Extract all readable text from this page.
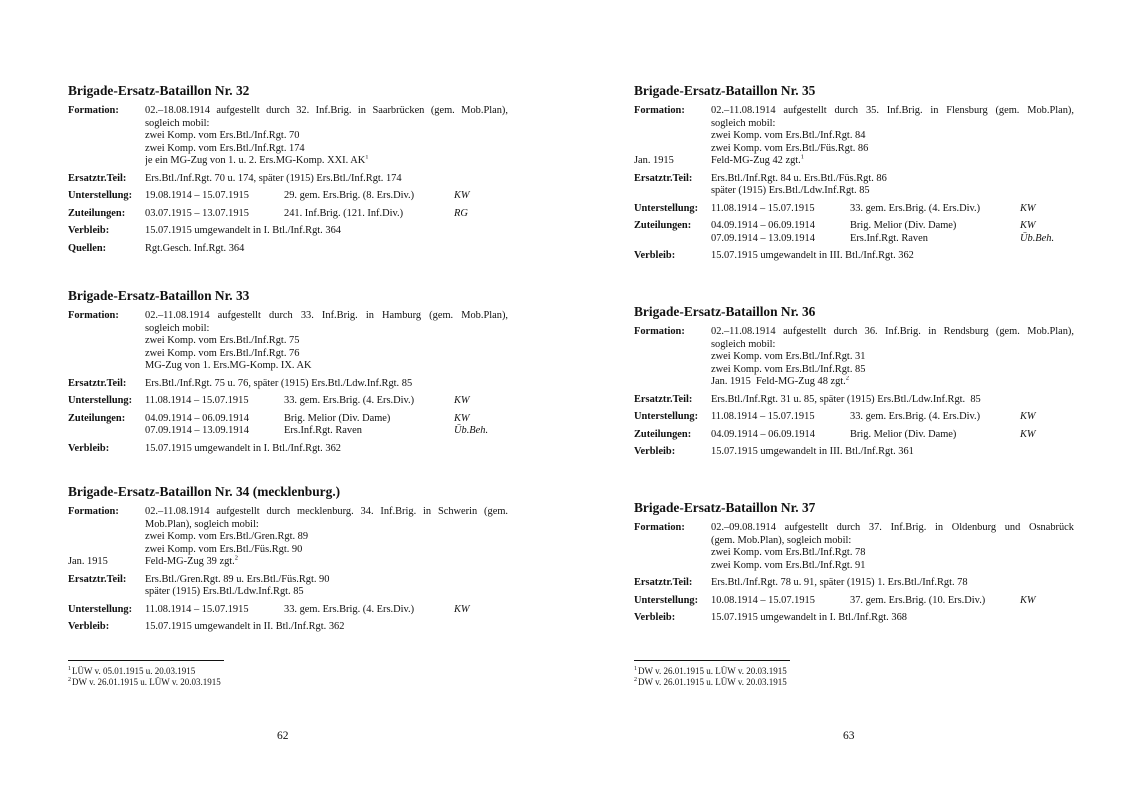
Brigade-Ersatz-Bataillon Nr. 32
Formation:	02.–18.08.1914 aufgestellt durch 32. Inf.Brig. in Saarbrücken (gem. Mob.Plan),
sogleich mobil:
zwei Komp. vom Ers.Btl./Inf.Rgt. 70
zwei Komp. vom Ers.Btl./Inf.Rgt. 174
je ein MG-Zug von 1. u. 2. Ers.MG-Komp. XXI. $AK^1$
Ersatztr.Teil:	Ers.Btl./Inf.Rgt. 70 u. 174, später (1915) Ers.Btl./Inf.Rgt. 174
Unterstellung:	19.08.1914 – 15.07.1915	29. gem. Ers.Brig. (8. Ers.Div.)	KW
Zuteilungen:	03.07.1915 – 13.07.1915	241. Inf.Brig. (121. Inf.Div.)	RG
Verbleib:	15.07.1915 umgewandelt in I. Btl./Inf.Rgt. 364
Quellen:	Rgt.Gesch. Inf.Rgt. 364
Brigade-Ersatz-Bataillon Nr. 33
Formation:	02.–11.08.1914 aufgestellt durch 33. Inf.Brig. in Hamburg (gem. Mob.Plan),
sogleich mobil:
zwei Komp. vom Ers.Btl./Inf.Rgt. 75
zwei Komp. vom Ers.Btl./Inf.Rgt. 76
MG-Zug von 1. Ers.MG-Komp. IX. AK
Ersatztr.Teil:	Ers.Btl./Inf.Rgt. 75 u. 76, später (1915) Ers.Btl./Ldw.Inf.Rgt. 85
Unterstellung:	11.08.1914 – 15.07.1915	33. gem. Ers.Brig. (4. Ers.Div.)	KW
Zuteilungen:	04.09.1914 – 06.09.1914	Brig. Melior (Div. Dame)	KW
07.09.1914 – 13.09.1914	Ers.Inf.Rgt. Raven	Üb.Beh.
Verbleib:	15.07.1915 umgewandelt in I. Btl./Inf.Rgt. 362
Brigade-Ersatz-Bataillon Nr. 34 (mecklenburg.)
Formation:	02.–11.08.1914 aufgestellt durch mecklenburg. 34. Inf.Brig. in Schwerin (gem.
Mob.Plan), sogleich mobil:
zwei Komp. vom Ers.Btl./Gren.Rgt. 89
zwei Komp. vom Ers.Btl./Füs.Rgt. 90
Jan. 1915	Feld-MG-Zug 39 zgt.$^2$
Ersatztr.Teil:	Ers.Btl./Gren.Rgt. 89 u. Ers.Btl./Füs.Rgt. 90
später (1915) Ers.Btl./Ldw.Inf.Rgt. 85
Unterstellung:	11.08.1914 – 15.07.1915	33. gem. Ers.Brig. (4. Ers.Div.)	KW
Verbleib:	15.07.1915 umgewandelt in II. Btl./Inf.Rgt. 362
$^1$LÜW v. 05.01.1915 u. 20.03.1915
$^2$DW v. 26.01.1915 u. LÜW v. 20.03.1915
62
Brigade-Ersatz-Bataillon Nr. 35
Formation:	02.–11.08.1914 aufgestellt durch 35. Inf.Brig. in Flensburg (gem. Mob.Plan),
sogleich mobil:
zwei Komp. vom Ers.Btl./Inf.Rgt. 84
zwei Komp. vom Ers.Btl./Füs.Rgt. 86
Jan. 1915	Feld-MG-Zug 42 zgt.$^1$
Ersatztr.Teil:	Ers.Btl./Inf.Rgt. 84 u. Ers.Btl./Füs.Rgt. 86
später (1915) Ers.Btl./Ldw.Inf.Rgt. 85
Unterstellung:	11.08.1914 – 15.07.1915	33. gem. Ers.Brig. (4. Ers.Div.)	KW
Zuteilungen:	04.09.1914 – 06.09.1914	Brig. Melior (Div. Dame)	KW
07.09.1914 – 13.09.1914	Ers.Inf.Rgt. Raven	Üb.Beh.
Verbleib:	15.07.1915 umgewandelt in III. Btl./Inf.Rgt. 362
Brigade-Ersatz-Bataillon Nr. 36
Formation:	02.–11.08.1914 aufgestellt durch 36. Inf.Brig. in Rendsburg (gem. Mob.Plan),
sogleich mobil:
zwei Komp. vom Ers.Btl./Inf.Rgt. 31
zwei Komp. vom Ers.Btl./Inf.Rgt. 85
Jan. 1915  Feld-MG-Zug 48 zgt.$^2$
Ersatztr.Teil:	Ers.Btl./Inf.Rgt. 31 u. 85, später (1915) Ers.Btl./Ldw.Inf.Rgt.  85
Unterstellung:	11.08.1914 – 15.07.1915	33. gem. Ers.Brig. (4. Ers.Div.)	KW
Zuteilungen:	04.09.1914 – 06.09.1914	Brig. Melior (Div. Dame)	KW
Verbleib:	15.07.1915 umgewandelt in III. Btl./Inf.Rgt. 361
Brigade-Ersatz-Bataillon Nr. 37
Formation:	02.–09.08.1914 aufgestellt durch 37. Inf.Brig. in Oldenburg und Osnabrück
(gem. Mob.Plan), sogleich mobil:
zwei Komp. vom Ers.Btl./Inf.Rgt. 78
zwei Komp. vom Ers.Btl./Inf.Rgt. 91
Ersatztr.Teil:	Ers.Btl./Inf.Rgt. 78 u. 91, später (1915) 1. Ers.Btl./Inf.Rgt. 78
Unterstellung:	10.08.1914 – 15.07.1915	37. gem. Ers.Brig. (10. Ers.Div.)	KW
Verbleib:	15.07.1915 umgewandelt in I. Btl./Inf.Rgt. 368
$^1$DW v. 26.01.1915 u. LÜW v. 20.03.1915
$^2$DW v. 26.01.1915 u. LÜW v. 20.03.1915
63
